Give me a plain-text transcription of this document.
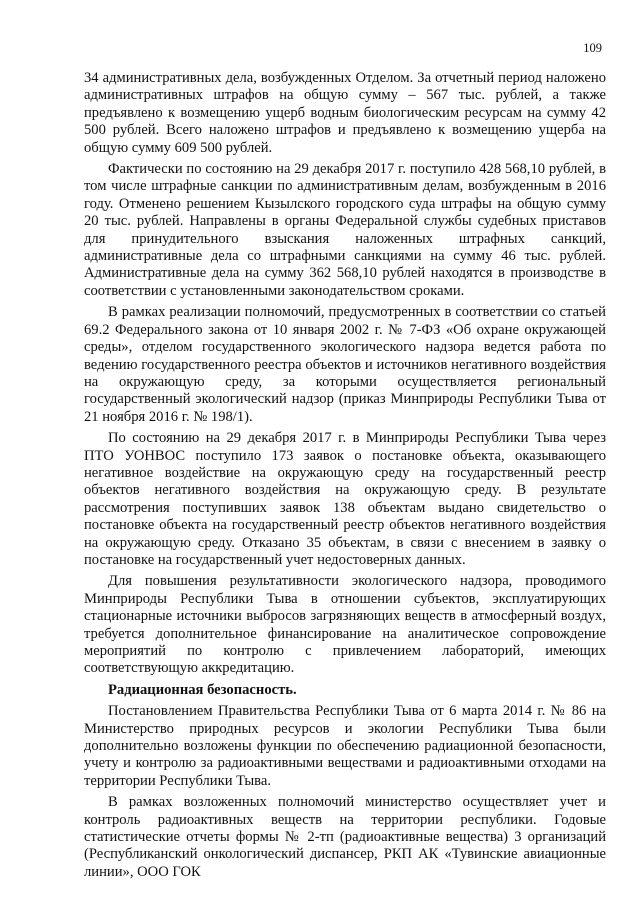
109

34 административных дела, возбужденных Отделом. За отчетный период наложено административных штрафов на общую сумму – 567 тыс. рублей, а также предъявлено к возмещению ущерб водным биологическим ресурсам на сумму 42 500 рублей. Всего наложено штрафов и предъявлено к возмещению ущерба на общую сумму 609 500 рублей.

Фактически по состоянию на 29 декабря 2017 г. поступило 428 568,10 рублей, в том числе штрафные санкции по административным делам, возбужденным в 2016 году. Отменено решением Кызылского городского суда штрафы на общую сумму 20 тыс. рублей. Направлены в органы Федеральной службы судебных приставов для принудительного взыскания наложенных штрафных санкций, административные дела со штрафными санкциями на сумму 46 тыс. рублей. Административные дела на сумму 362 568,10 рублей находятся в производстве в соответствии с установленными законодательством сроками.

В рамках реализации полномочий, предусмотренных в соответствии со статьей 69.2 Федерального закона от 10 января 2002 г. № 7-ФЗ «Об охране окружающей среды», отделом государственного экологического надзора ведется работа по ведению государственного реестра объектов и источников негативного воздействия на окружающую среду, за которыми осуществляется региональный государственный экологический надзор (приказ Минприроды Республики Тыва от 21 ноября 2016 г. № 198/1).

По состоянию на 29 декабря 2017 г. в Минприроды Республики Тыва через ПТО УОНВОС поступило 173 заявок о постановке объекта, оказывающего негативное воздействие на окружающую среду на государственный реестр объектов негативного воздействия на окружающую среду. В результате рассмотрения поступивших заявок 138 объектам выдано свидетельство о постановке объекта на государственный реестр объектов негативного воздействия на окружающую среду. Отказано 35 объектам, в связи с внесением в заявку о постановке на государственный учет недостоверных данных.

Для повышения результативности экологического надзора, проводимого Минприроды Республики Тыва в отношении субъектов, эксплуатирующих стационарные источники выбросов загрязняющих веществ в атмосферный воздух, требуется дополнительное финансирование на аналитическое сопровождение мероприятий по контролю с привлечением лабораторий, имеющих соответствующую аккредитацию.

Радиационная безопасность.

Постановлением Правительства Республики Тыва от 6 марта 2014 г. № 86 на Министерство природных ресурсов и экологии Республики Тыва были дополнительно возложены функции по обеспечению радиационной безопасности, учету и контролю за радиоактивными веществами и радиоактивными отходами на территории Республики Тыва.

В рамках возложенных полномочий министерство осуществляет учет и контроль радиоактивных веществ на территории республики. Годовые статистические отчеты формы № 2-тп (радиоактивные вещества) 3 организаций (Республиканский онкологический диспансер, РКП АК «Тувинские авиационные линии», ООО ГОК
